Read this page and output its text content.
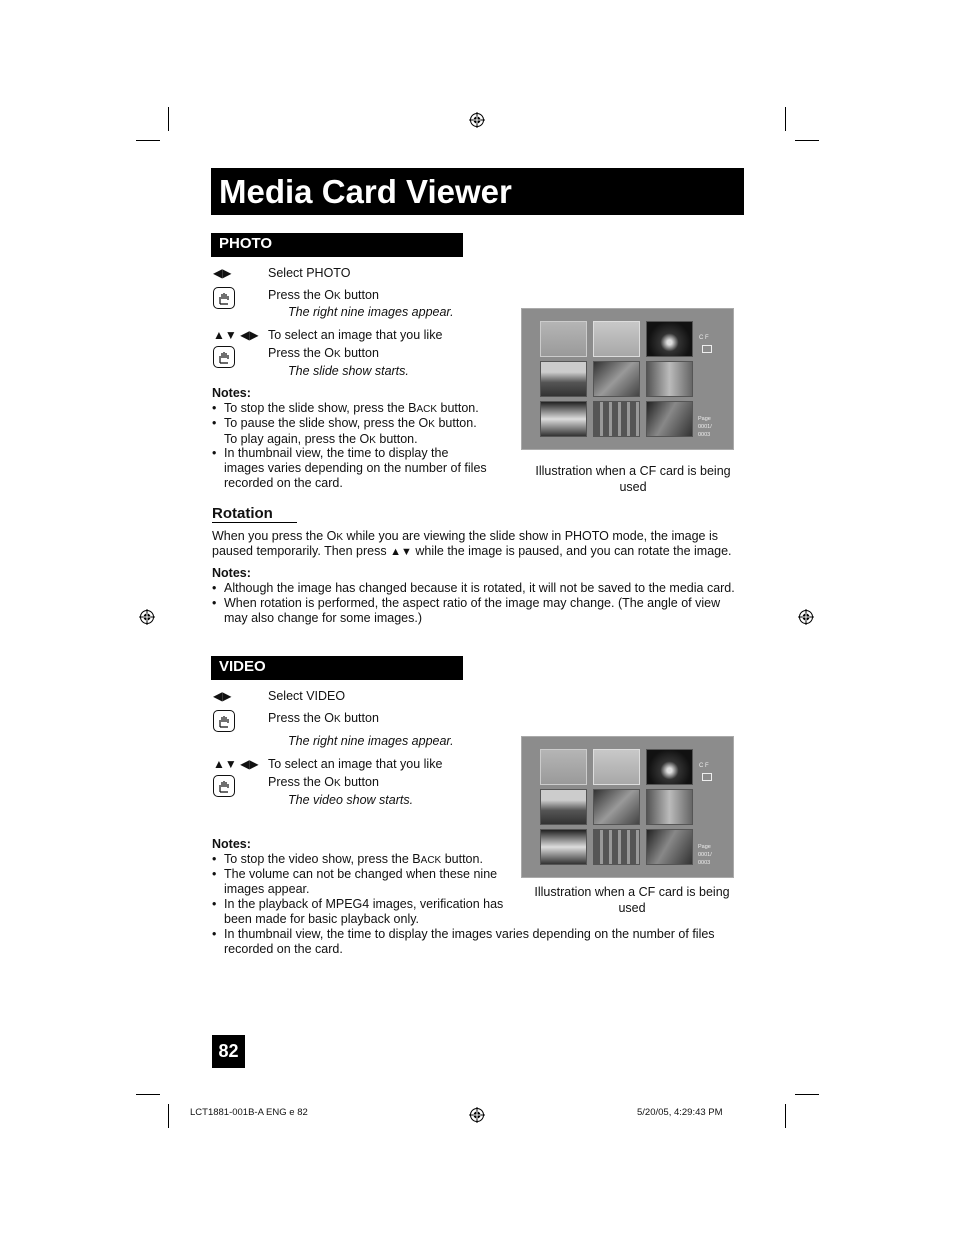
Media Card Viewer
PHOTO
◀▶	Select PHOTO
Press the OK button
The right nine images appear.
▲▼ ◀▶ To select an image that you like
Press the OK button
The slide show starts.
Notes:
• To stop the slide show, press the BACK button.
• To pause the slide show, press the OK button.
To play again, press the OK button.
• In thumbnail view, the time to display the
images varies depending on the number of files
recorded on the card.
C F
Page
0001/
0003
Illustration when a CF card is being
used
Rotation
When you press the OK while you are viewing the slide show in PHOTO mode, the image is
paused temporarily. Then press ▲▼ while the image is paused, and you can rotate the image.
Notes:
• Although the image has changed because it is rotated, it will not be saved to the media card.
• When rotation is performed, the aspect ratio of the image may change. (The angle of view
may also change for some images.)
VIDEO
◀▶	Select VIDEO
Press the OK button
The right nine images appear.
▲▼ ◀▶ To select an image that you like
Press the OK button
The video show starts.
Notes:
• To stop the video show, press the BACK button.
• The volume can not be changed when these nine
images appear.
• In the playback of MPEG4 images, verification has
been made for basic playback only.
• In thumbnail view, the time to display the images varies depending on the number of files
recorded on the card.
C F
Page
0001/
0003
Illustration when a CF card is being
used
82
LCT1881-001B-A ENG e 82	5/20/05, 4:29:43 PM
